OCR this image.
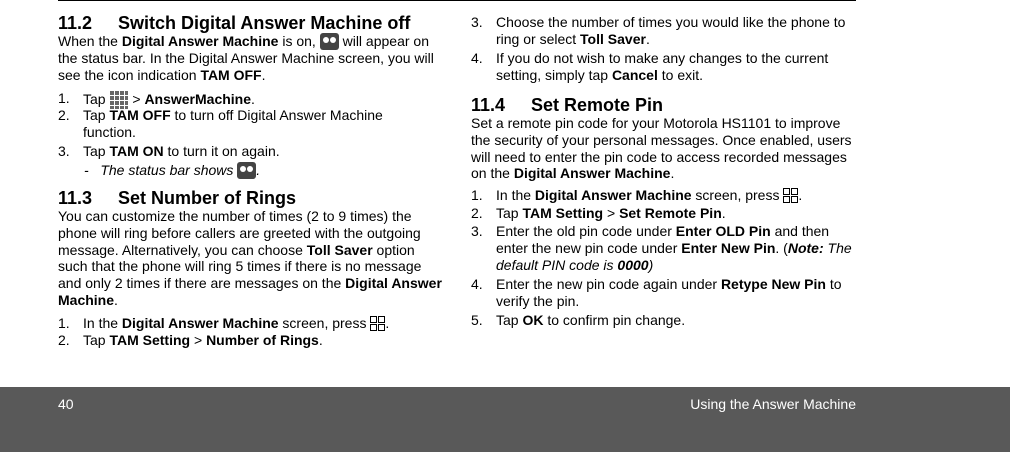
11.2 Switch Digital Answer Machine off
When the Digital Answer Machine is on,  will appear on the status bar. In the Digital Answer Machine screen, you will see the icon indication TAM OFF.
1. Tap  > AnswerMachine.
2. Tap TAM OFF to turn off Digital Answer Machine function.
3. Tap TAM ON to turn it on again.
- The status bar shows .
11.3 Set Number of Rings
You can customize the number of times (2 to 9 times) the phone will ring before callers are greeted with the outgoing message. Alternatively, you can choose Toll Saver option such that the phone will ring 5 times if there is no message and only 2 times if there are messages on the Digital Answer Machine.
1. In the Digital Answer Machine screen, press
.
2. Tap TAM Setting > Number of Rings.
3. Choose the number of times you would like the phone to ring or select Toll Saver.
4. If you do not wish to make any changes to the current setting, simply tap Cancel to exit.
11.4 Set Remote Pin
Set a remote pin code for your Motorola HS1101 to improve the security of your personal messages. Once enabled, users will need to enter the pin code to access recorded messages on the Digital Answer Machine.
1. In the Digital Answer Machine screen, press
.
2. Tap TAM Setting > Set Remote Pin.
3. Enter the old pin code under Enter OLD Pin and then enter the new pin code under Enter New Pin. (Note: The default PIN code is 0000)
4. Enter the new pin code again under Retype New Pin to verify the pin.
5. Tap OK to confirm pin change.
40	Using the Answer Machine
